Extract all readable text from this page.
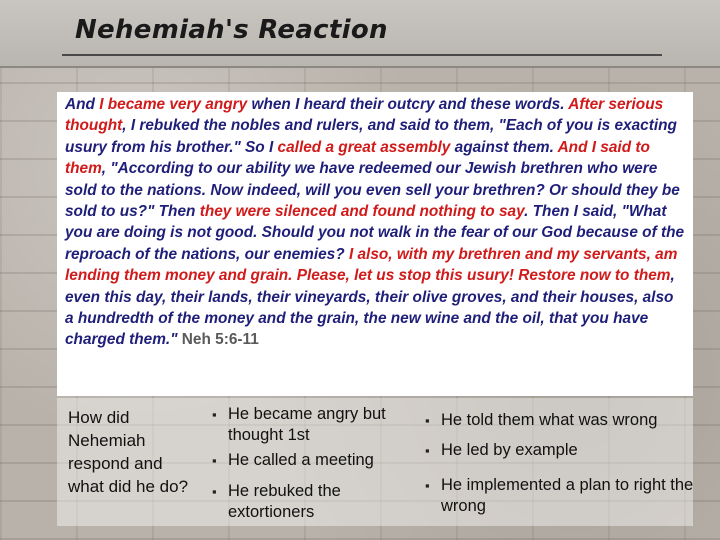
Nehemiah's Reaction

And I became very angry when I heard their outcry and these words. After serious thought, I rebuked the nobles and rulers, and said to them, "Each of you is exacting usury from his brother." So I called a great assembly against them. And I said to them, "According to our ability we have redeemed our Jewish brethren who were sold to the nations. Now indeed, will you even sell your brethren? Or should they be sold to us?" Then they were silenced and found nothing to say. Then I said, "What you are doing is not good. Should you not walk in the fear of our God because of the reproach of the nations, our enemies? I also, with my brethren and my servants, am lending them money and grain. Please, let us stop this usury! Restore now to them, even this day, their lands, their vineyards, their olive groves, and their houses, also a hundredth of the money and the grain, the new wine and the oil, that you have charged them." Neh 5:6-11

How did Nehemiah respond and what did he do?

▪ He became angry but thought 1st
▪ He called a meeting
▪ He rebuked the extortioners
▪ He told them what was wrong
▪ He led by example
▪ He implemented a plan to right the wrong
